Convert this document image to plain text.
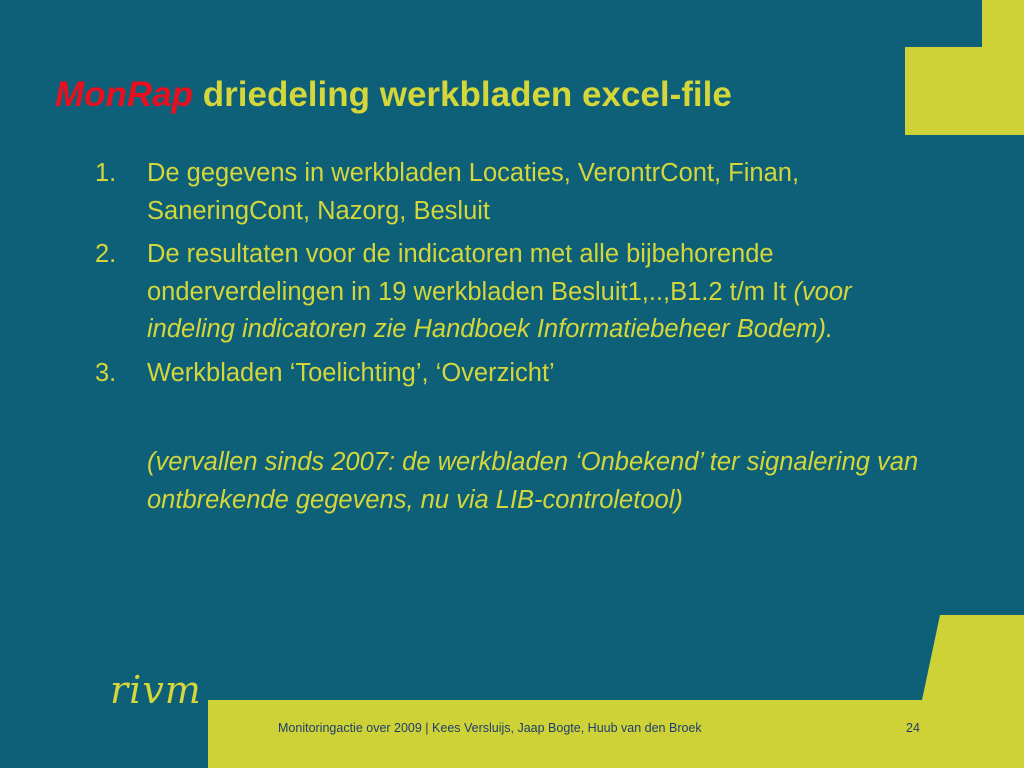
MonRap driedeling werkbladen excel-file
1.	De gegevens in werkbladen Locaties, VerontrCont, Finan, SaneringCont, Nazorg, Besluit
2.	De resultaten voor de indicatoren met alle bijbehorende onderverdelingen in 19 werkbladen Besluit1,..,B1.2 t/m It (voor indeling indicatoren zie Handboek Informatiebeheer Bodem).
3.	Werkbladen ‘Toelichting’, ‘Overzicht’
(vervallen sinds 2007: de werkbladen ‘Onbekend’ ter signalering van ontbrekende gegevens, nu via LIB-controletool)
rivm
Monitoringactie over 2009 | Kees Versluijs, Jaap Bogte, Huub van den Broek	24
